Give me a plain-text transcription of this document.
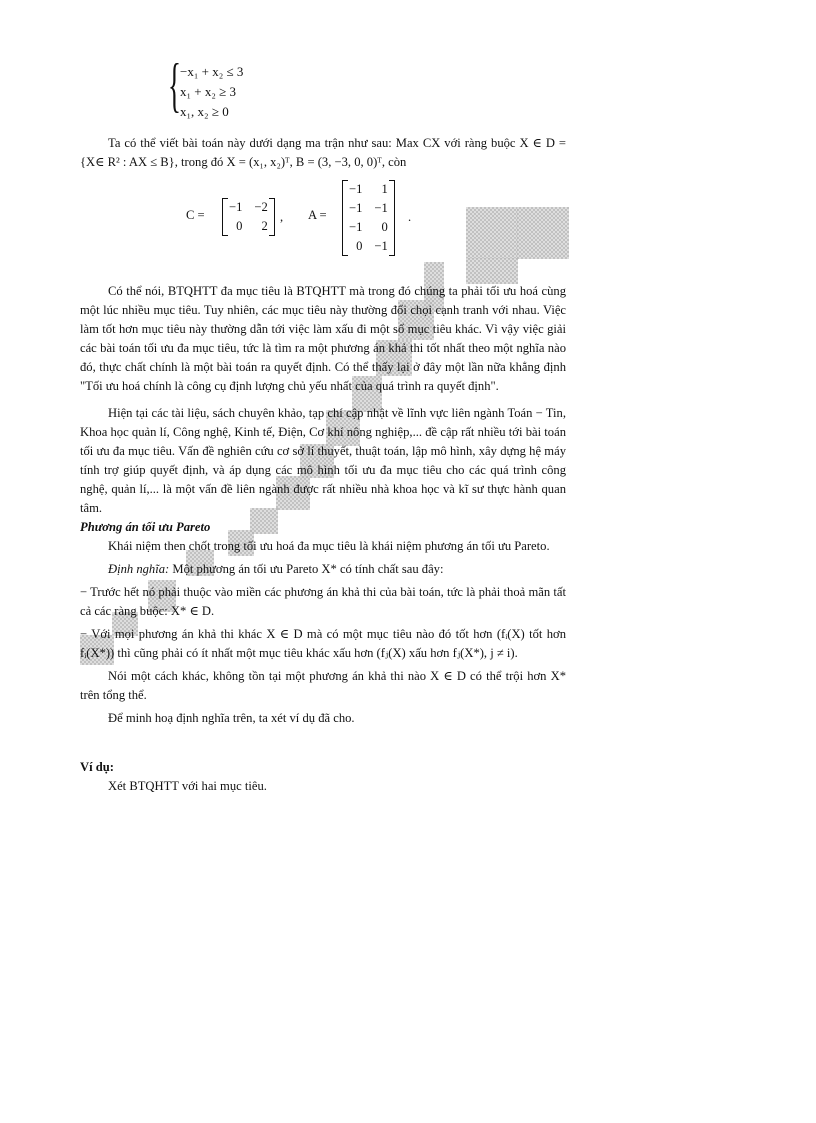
{ −x₁ + x₂ ≤ 3
x₁ + x₂ ≥ 3
x₁, x₂ ≥ 0

Ta có thể viết bài toán này dưới dạng ma trận như sau: Max CX với ràng buộc X ∈ D = {X∈ R² : AX ≤ B}, trong đó X = (x₁, x₂)ᵀ, B = (3, −3, 0, 0)ᵀ, còn

C =
−1	−2
0	2
, A =
−1	1
−1	−1
−1	0
0	−1
.

Có thể nói, BTQHTT đa mục tiêu là BTQHTT mà trong đó chúng ta phải tối ưu hoá cùng một lúc nhiều mục tiêu. Tuy nhiên, các mục tiêu này thường đối chọi cạnh tranh với nhau. Việc làm tốt hơn mục tiêu này thường dẫn tới việc làm xấu đi một số mục tiêu khác. Vì vậy việc giải các bài toán tối ưu đa mục tiêu, tức là tìm ra một phương án khả thi tốt nhất theo một nghĩa nào đó, thực chất chính là một bài toán ra quyết định. Có thể thấy lại ở đây một lần nữa khẳng định "Tối ưu hoá chính là công cụ định lượng chủ yếu nhất của quá trình ra quyết định".

Hiện tại các tài liệu, sách chuyên khảo, tạp chí cập nhật về lĩnh vực liên ngành Toán − Tin, Khoa học quản lí, Công nghệ, Kinh tế, Điện, Cơ khí nông nghiệp,... đề cập rất nhiều tới bài toán tối ưu đa mục tiêu. Vấn đề nghiên cứu cơ sở lí thuyết, thuật toán, lập mô hình, xây dựng hệ máy tính trợ giúp quyết định, và áp dụng các mô hình tối ưu đa mục tiêu cho các quá trình công nghệ, quản lí,... là một vấn đề liên ngành được rất nhiều nhà khoa học và kĩ sư thực hành quan tâm.

Phương án tối ưu Pareto

Khái niệm then chốt trong tối ưu hoá đa mục tiêu là khái niệm phương án tối ưu Pareto.

Định nghĩa: Một phương án tối ưu Pareto X* có tính chất sau đây:

− Trước hết nó phải thuộc vào miền các phương án khả thi của bài toán, tức là phải thoả mãn tất cả các ràng buộc: X* ∈ D.

− Với mọi phương án khả thi khác X ∈ D mà có một mục tiêu nào đó tốt hơn (fᵢ(X) tốt hơn fᵢ(X*)) thì cũng phải có ít nhất một mục tiêu khác xấu hơn (fⱼ(X) xấu hơn fⱼ(X*), j ≠ i).

Nói một cách khác, không tồn tại một phương án khả thi nào X ∈ D có thể trội hơn X* trên tổng thể.

Để minh hoạ định nghĩa trên, ta xét ví dụ đã cho.

Ví dụ:

Xét BTQHTT với hai mục tiêu.
